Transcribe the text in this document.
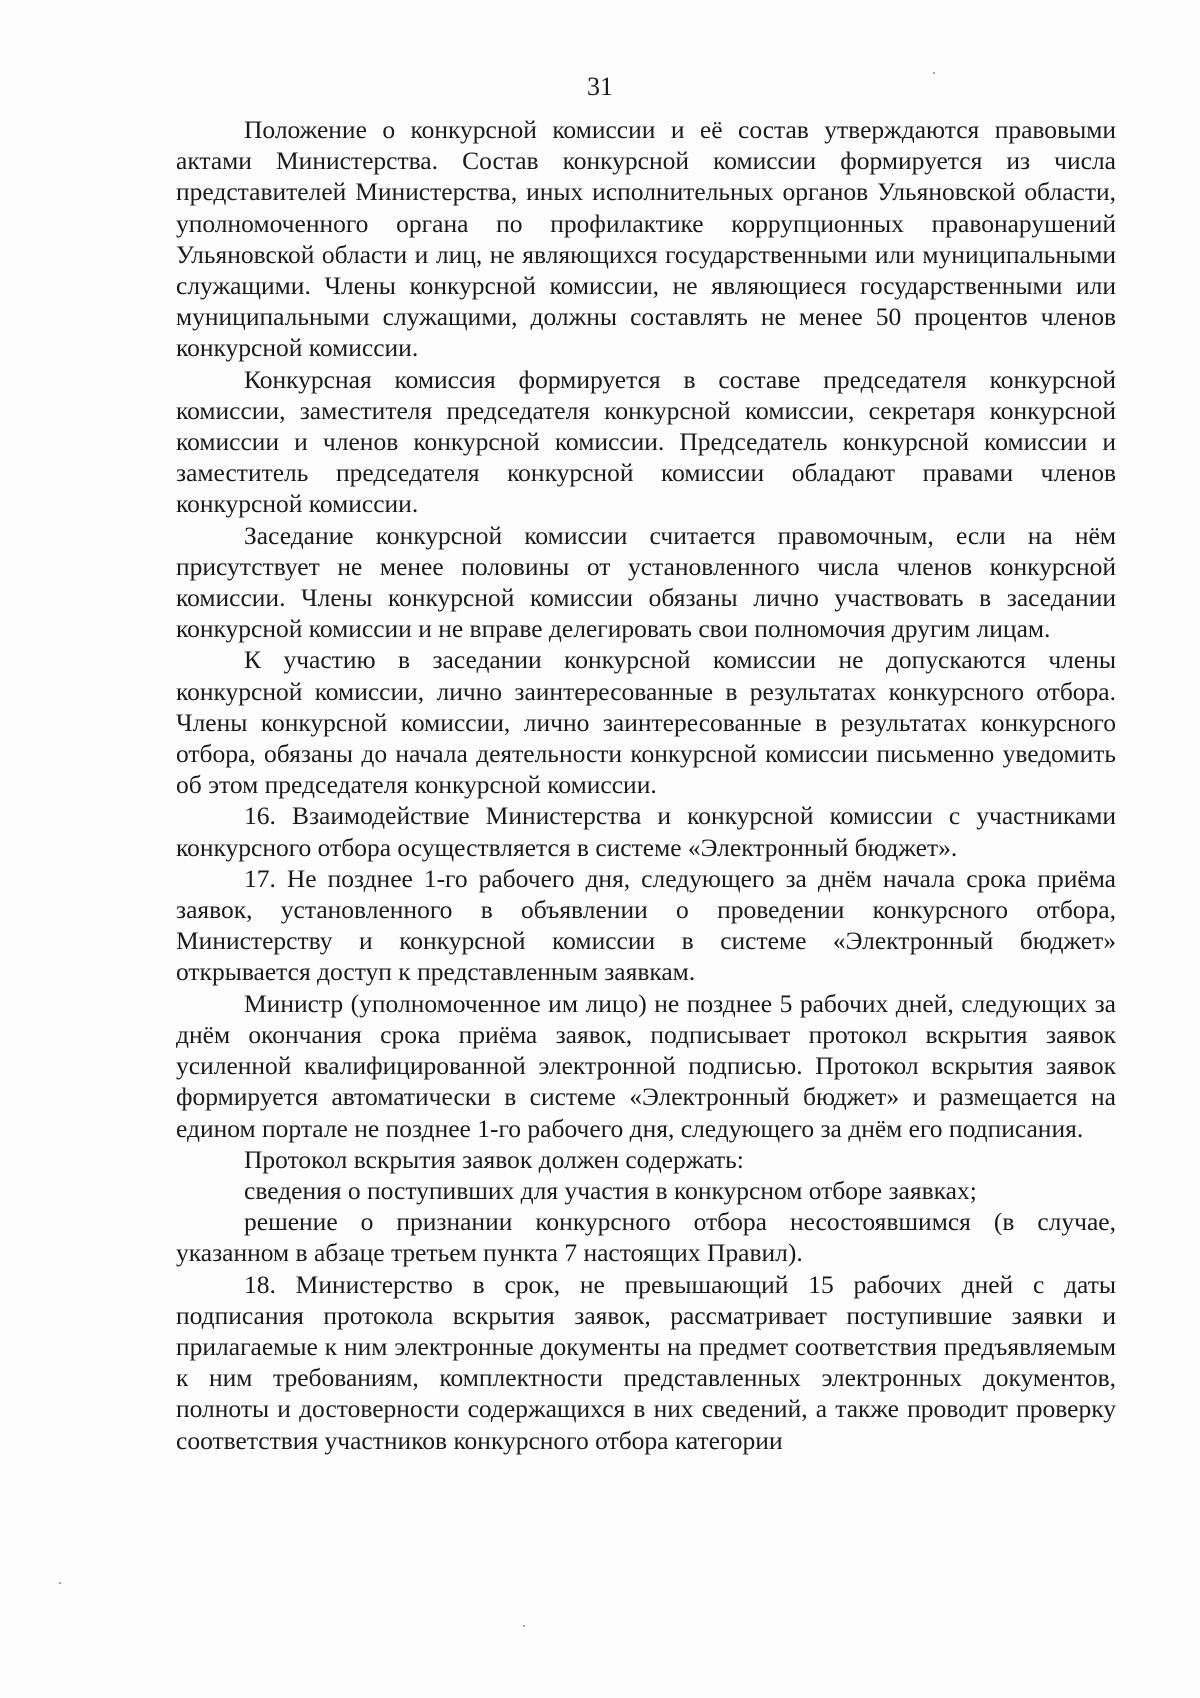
31

Положение о конкурсной комиссии и её состав утверждаются правовыми актами Министерства. Состав конкурсной комиссии формируется из числа представителей Министерства, иных исполнительных органов Ульяновской области, уполномоченного органа по профилактике коррупционных правонарушений Ульяновской области и лиц, не являющихся государственными или муниципальными служащими. Члены конкурсной комиссии, не являющиеся государственными или муниципальными служащими, должны составлять не менее 50 процентов членов конкурсной комиссии.

Конкурсная комиссия формируется в составе председателя конкурсной комиссии, заместителя председателя конкурсной комиссии, секретаря конкурсной комиссии и членов конкурсной комиссии. Председатель конкурсной комиссии и заместитель председателя конкурсной комиссии обладают правами членов конкурсной комиссии.

Заседание конкурсной комиссии считается правомочным, если на нём присутствует не менее половины от установленного числа членов конкурсной комиссии. Члены конкурсной комиссии обязаны лично участвовать в заседании конкурсной комиссии и не вправе делегировать свои полномочия другим лицам.

К участию в заседании конкурсной комиссии не допускаются члены конкурсной комиссии, лично заинтересованные в результатах конкурсного отбора. Члены конкурсной комиссии, лично заинтересованные в результатах конкурсного отбора, обязаны до начала деятельности конкурсной комиссии письменно уведомить об этом председателя конкурсной комиссии.

16. Взаимодействие Министерства и конкурсной комиссии с участниками конкурсного отбора осуществляется в системе «Электронный бюджет».

17. Не позднее 1-го рабочего дня, следующего за днём начала срока приёма заявок, установленного в объявлении о проведении конкурсного отбора, Министерству и конкурсной комиссии в системе «Электронный бюджет» открывается доступ к представленным заявкам.

Министр (уполномоченное им лицо) не позднее 5 рабочих дней, следующих за днём окончания срока приёма заявок, подписывает протокол вскрытия заявок усиленной квалифицированной электронной подписью. Протокол вскрытия заявок формируется автоматически в системе «Электронный бюджет» и размещается на едином портале не позднее 1-го рабочего дня, следующего за днём его подписания.

Протокол вскрытия заявок должен содержать:

сведения о поступивших для участия в конкурсном отборе заявках;

решение о признании конкурсного отбора несостоявшимся (в случае, указанном в абзаце третьем пункта 7 настоящих Правил).

18. Министерство в срок, не превышающий 15 рабочих дней с даты подписания протокола вскрытия заявок, рассматривает поступившие заявки и прилагаемые к ним электронные документы на предмет соответствия предъявляемым к ним требованиям, комплектности представленных электронных документов, полноты и достоверности содержащихся в них сведений, а также проводит проверку соответствия участников конкурсного отбора категории
